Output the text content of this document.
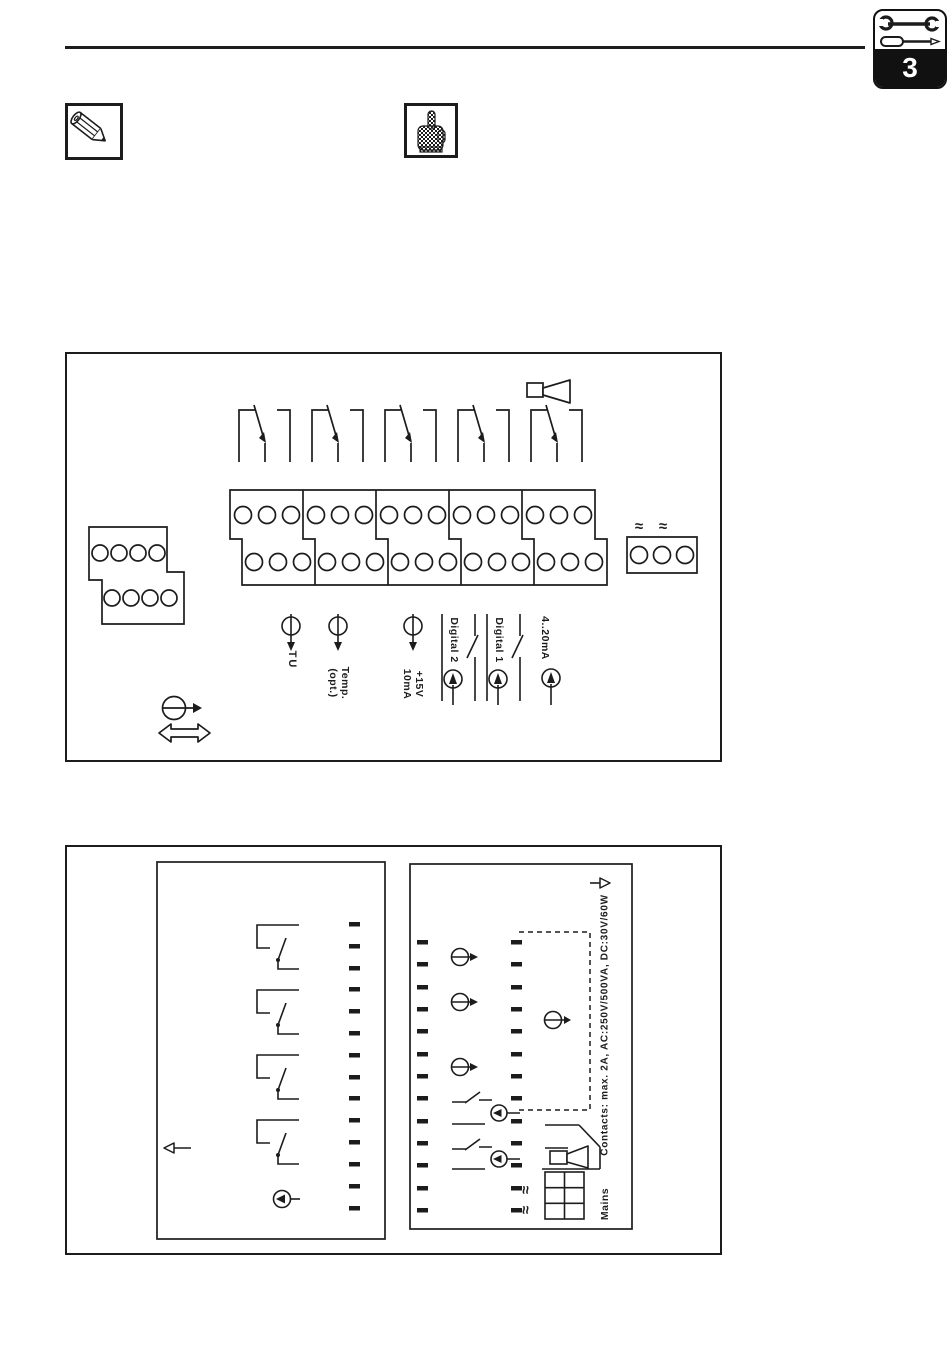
3
≈ ≈
TU
Temp.
(opt.)	+15V
10mA
Digital 2	Digital 1	4..20mA
≈
≈
Contacts: max. 2A, AC:250V/500VA, DC:30V/60W
Mains
